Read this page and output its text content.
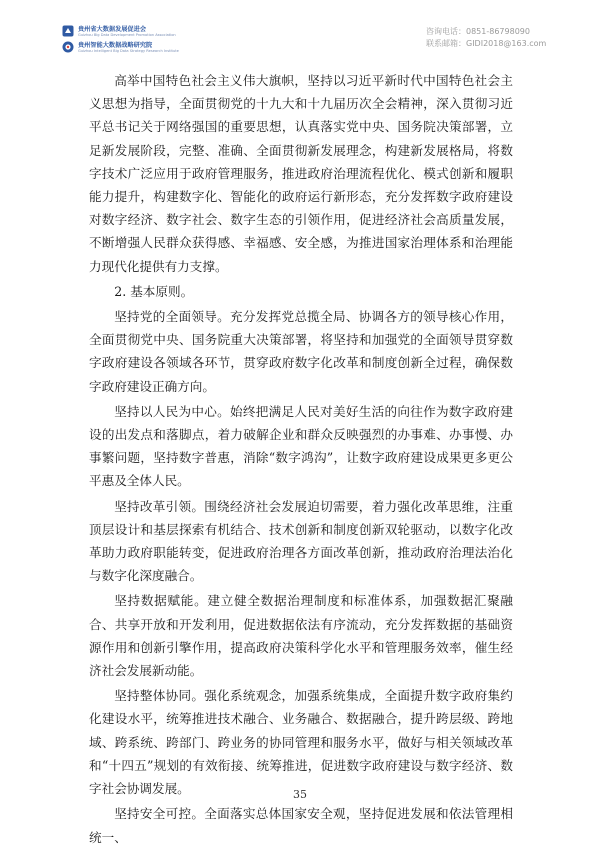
贵州省大数据发展促进会
Guizhou Big Data Development Promotion Association
贵州智能大数据战略研究院
Guizhou Intelligent Big Data Strategy Research Institute
咨询电话：0851-86798090
联系邮箱：GIDI2018@163.com

高举中国特色社会主义伟大旗帜，坚持以习近平新时代中国特色社会主义思想为指导，全面贯彻党的十九大和十九届历次全会精神，深入贯彻习近平总书记关于网络强国的重要思想，认真落实党中央、国务院决策部署，立足新发展阶段，完整、准确、全面贯彻新发展理念，构建新发展格局，将数字技术广泛应用于政府管理服务，推进政府治理流程优化、模式创新和履职能力提升，构建数字化、智能化的政府运行新形态，充分发挥数字政府建设对数字经济、数字社会、数字生态的引领作用，促进经济社会高质量发展，不断增强人民群众获得感、幸福感、安全感，为推进国家治理体系和治理能力现代化提供有力支撑。

2. 基本原则。

坚持党的全面领导。充分发挥党总揽全局、协调各方的领导核心作用，全面贯彻党中央、国务院重大决策部署，将坚持和加强党的全面领导贯穿数字政府建设各领域各环节，贯穿政府数字化改革和制度创新全过程，确保数字政府建设正确方向。

坚持以人民为中心。始终把满足人民对美好生活的向往作为数字政府建设的出发点和落脚点，着力破解企业和群众反映强烈的办事难、办事慢、办事繁问题，坚持数字普惠，消除“数字鸿沟”，让数字政府建设成果更多更公平惠及全体人民。

坚持改革引领。围绕经济社会发展迫切需要，着力强化改革思维，注重顶层设计和基层探索有机结合、技术创新和制度创新双轮驱动，以数字化改革助力政府职能转变，促进政府治理各方面改革创新，推动政府治理法治化与数字化深度融合。

坚持数据赋能。建立健全数据治理制度和标准体系，加强数据汇聚融合、共享开放和开发利用，促进数据依法有序流动，充分发挥数据的基础资源作用和创新引擎作用，提高政府决策科学化水平和管理服务效率，催生经济社会发展新动能。

坚持整体协同。强化系统观念，加强系统集成，全面提升数字政府集约化建设水平，统筹推进技术融合、业务融合、数据融合，提升跨层级、跨地域、跨系统、跨部门、跨业务的协同管理和服务水平，做好与相关领域改革和“十四五”规划的有效衔接、统筹推进，促进数字政府建设与数字经济、数字社会协调发展。

坚持安全可控。全面落实总体国家安全观，坚持促进发展和依法管理相统一、

35
